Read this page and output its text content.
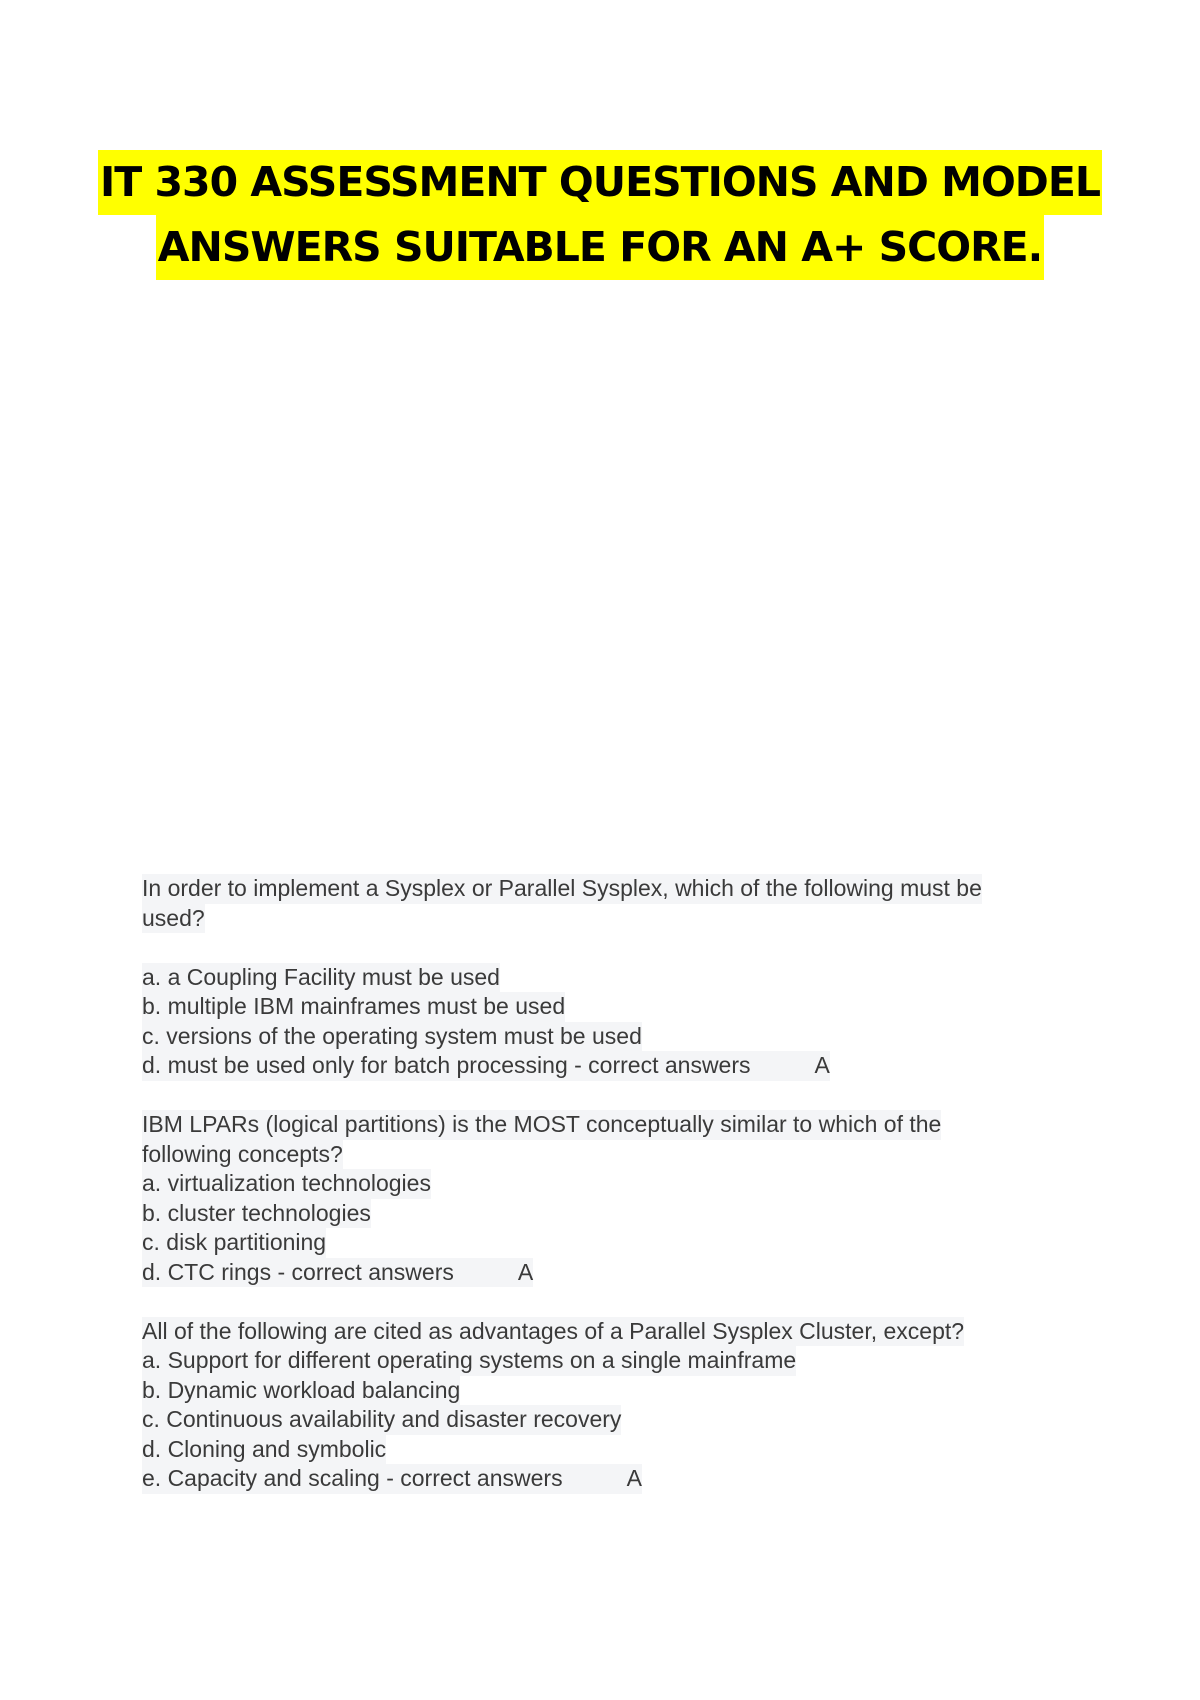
IT 330 ASSESSMENT QUESTIONS AND MODEL
ANSWERS SUITABLE FOR AN A+ SCORE.
In order to implement a Sysplex or Parallel Sysplex, which of the following must be
used?
a. a Coupling Facility must be used
b. multiple IBM mainframes must be used
c. versions of the operating system must be used
d. must be used only for batch processing - correct answers	A
IBM LPARs (logical partitions) is the MOST conceptually similar to which of the
following concepts?
a. virtualization technologies
b. cluster technologies
c. disk partitioning
d. CTC rings - correct answers	A
All of the following are cited as advantages of a Parallel Sysplex Cluster, except?
a. Support for different operating systems on a single mainframe
b. Dynamic workload balancing
c. Continuous availability and disaster recovery
d. Cloning and symbolic
e. Capacity and scaling - correct answers	A
